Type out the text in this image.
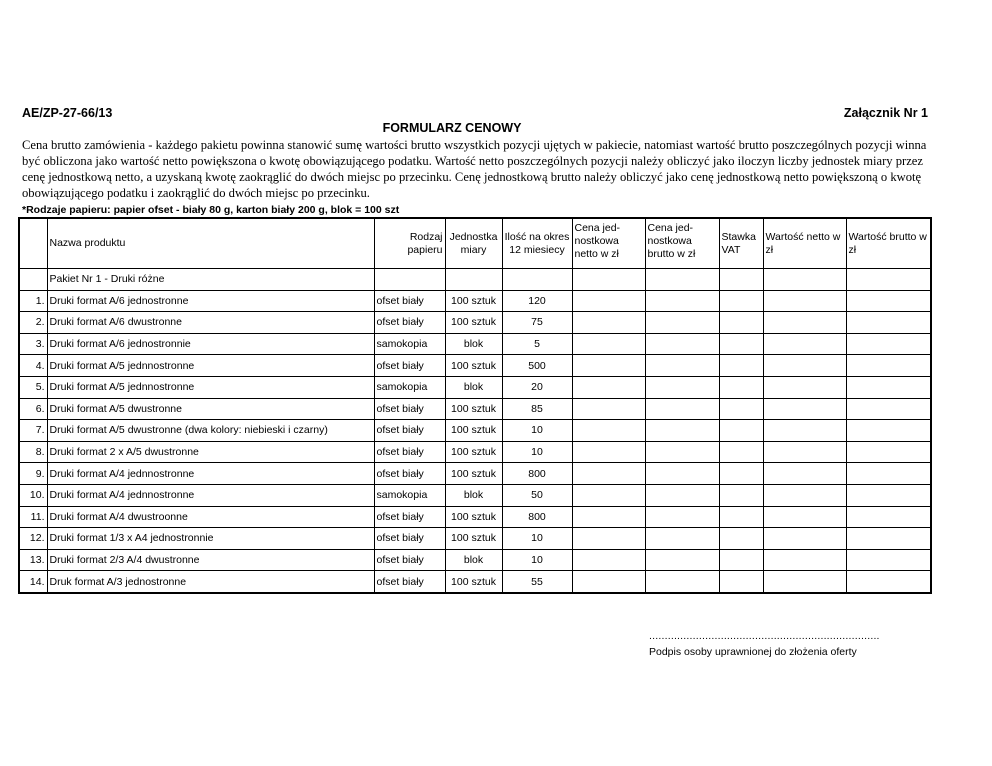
AE/ZP-27-66/13	Załącznik Nr 1
FORMULARZ CENOWY

Cena brutto zamówienia - każdego pakietu powinna stanowić sumę wartości brutto wszystkich pozycji ujętych w pakiecie, natomiast wartość brutto poszczególnych pozycji winna być obliczona jako wartość netto powiększona o kwotę obowiązującego podatku. Wartość netto poszczególnych pozycji należy obliczyć jako iloczyn liczby jednostek miary przez cenę jednostkową netto, a uzyskaną kwotę zaokrąglić do dwóch miejsc po przecinku. Cenę jednostkową brutto należy obliczyć jako cenę jednostkową netto powiększoną o kwotę obowiązującego podatku i zaokrąglić do dwóch miejsc po przecinku.

*Rodzaje papieru: papier ofset - biały 80 g, karton biały 200 g, blok = 100 szt
	Nazwa produktu	Rodzaj papieru	Jednostka miary	Ilość na okres 12 miesiecy	Cena jed-nostkowa netto w zł	Cena jed-nostkowa brutto w zł	Stawka VAT	Wartość netto w zł	Wartość brutto w zł
	Pakiet Nr 1 - Druki różne								
1.	Druki format A/6 jednostronne	ofset biały	100 sztuk	120					
2.	Druki format A/6 dwustronne	ofset biały	100 sztuk	75					
3.	Druki format A/6 jednostronnie	samokopia	blok	5					
4.	Druki format A/5 jednnostronne	ofset biały	100 sztuk	500					
5.	Druki format A/5 jednnostronne	samokopia	blok	20					
6.	Druki format A/5 dwustronne	ofset biały	100 sztuk	85					
7.	Druki format A/5 dwustronne (dwa kolory: niebieski i czarny)	ofset biały	100 sztuk	10					
8.	Druki format 2 x A/5 dwustronne	ofset biały	100 sztuk	10					
9.	Druki format A/4 jednnostronne	ofset biały	100 sztuk	800					
10.	Druki format A/4 jednnostronne	samokopia	blok	50					
11.	Druki format A/4 dwustroonne	ofset biały	100 sztuk	800					
12.	Druki format 1/3 x A4 jednostronnie	ofset biały	100 sztuk	10					
13.	Druki format 2/3 A/4 dwustronne	ofset biały	blok	10					
14.	Druk format A/3 jednostronne	ofset biały	100 sztuk	55					
..........................................................................
Podpis osoby uprawnionej do złożenia oferty
